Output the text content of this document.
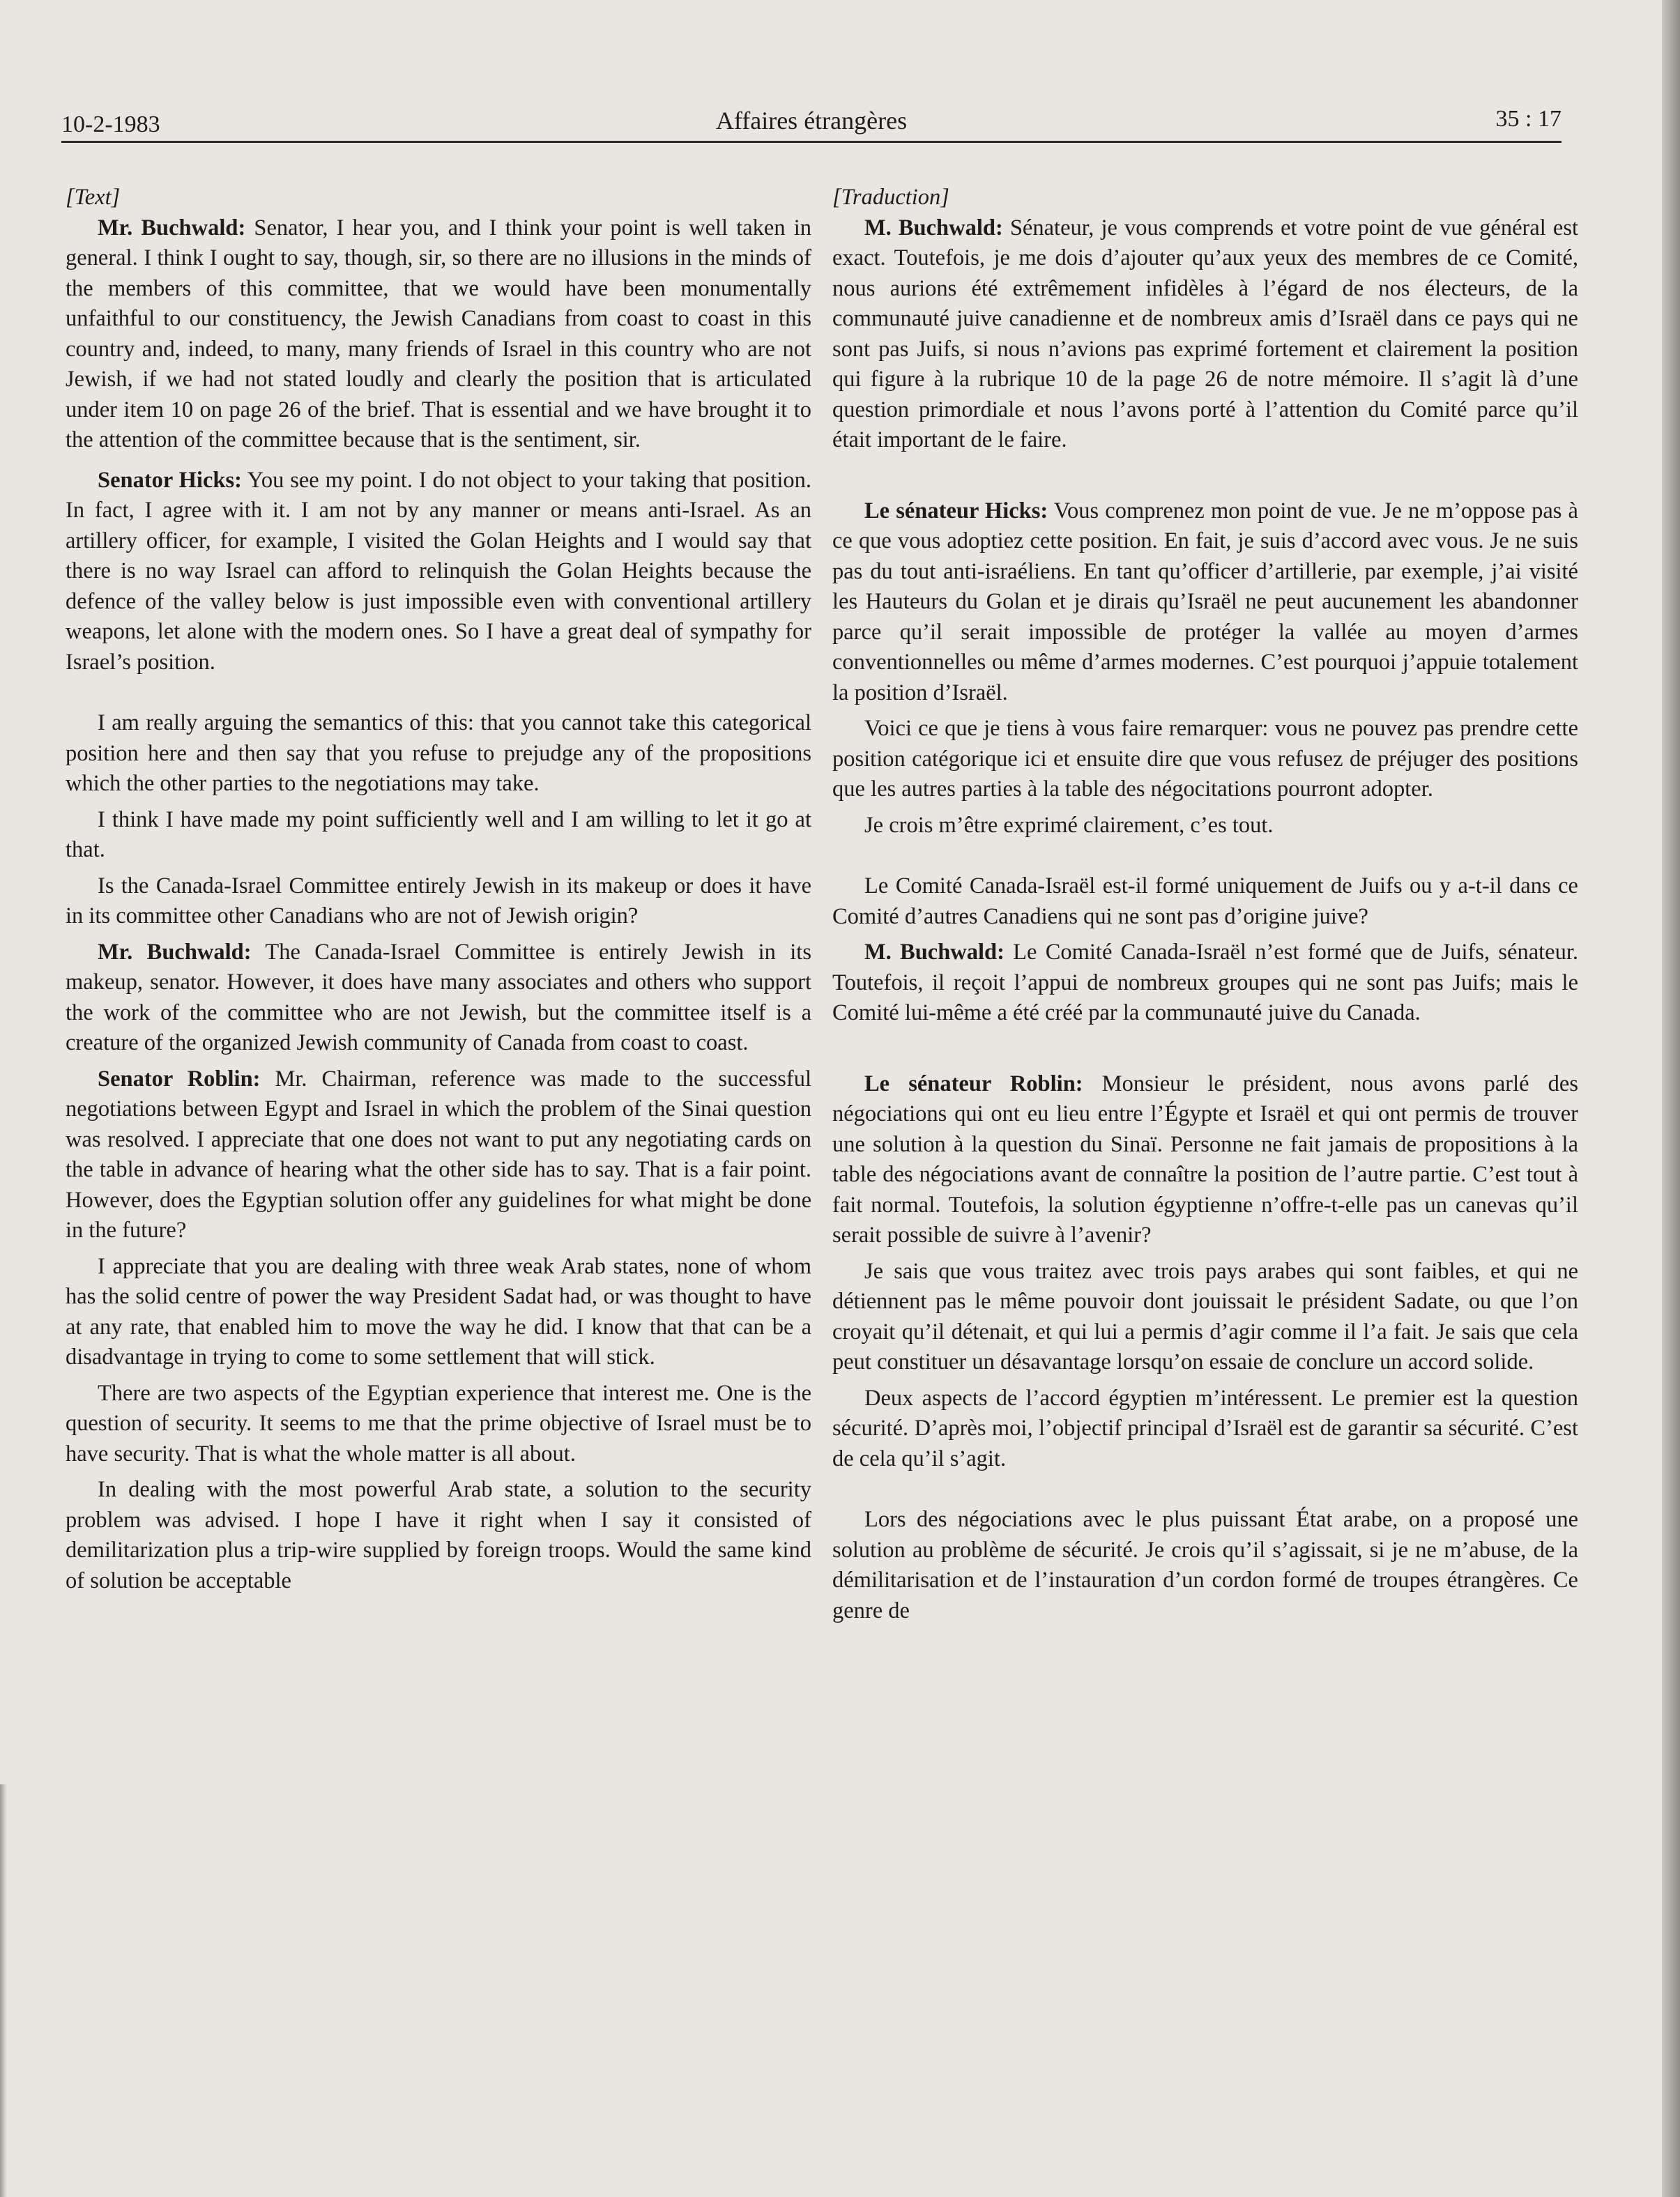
10-2-1983	Affaires étrangères	35 : 17

[Text]

Mr. Buchwald: Senator, I hear you, and I think your point is well taken in general. I think I ought to say, though, sir, so there are no illusions in the minds of the members of this committee, that we would have been monumentally unfaithful to our constituency, the Jewish Canadians from coast to coast in this country and, indeed, to many, many friends of Israel in this country who are not Jewish, if we had not stated loudly and clearly the position that is articulated under item 10 on page 26 of the brief. That is essential and we have brought it to the attention of the committee because that is the sentiment, sir.

Senator Hicks: You see my point. I do not object to your taking that position. In fact, I agree with it. I am not by any manner or means anti-Israel. As an artillery officer, for example, I visited the Golan Heights and I would say that there is no way Israel can afford to relinquish the Golan Heights because the defence of the valley below is just impossible even with conventional artillery weapons, let alone with the modern ones. So I have a great deal of sympathy for Israel’s position.

I am really arguing the semantics of this: that you cannot take this categorical position here and then say that you refuse to prejudge any of the propositions which the other parties to the negotiations may take.

I think I have made my point sufficiently well and I am willing to let it go at that.

Is the Canada-Israel Committee entirely Jewish in its makeup or does it have in its committee other Canadians who are not of Jewish origin?

Mr. Buchwald: The Canada-Israel Committee is entirely Jewish in its makeup, senator. However, it does have many associates and others who support the work of the committee who are not Jewish, but the committee itself is a creature of the organized Jewish community of Canada from coast to coast.

Senator Roblin: Mr. Chairman, reference was made to the successful negotiations between Egypt and Israel in which the problem of the Sinai question was resolved. I appreciate that one does not want to put any negotiating cards on the table in advance of hearing what the other side has to say. That is a fair point. However, does the Egyptian solution offer any guidelines for what might be done in the future?

I appreciate that you are dealing with three weak Arab states, none of whom has the solid centre of power the way President Sadat had, or was thought to have at any rate, that enabled him to move the way he did. I know that that can be a disadvantage in trying to come to some settlement that will stick.

There are two aspects of the Egyptian experience that interest me. One is the question of security. It seems to me that the prime objective of Israel must be to have security. That is what the whole matter is all about.

In dealing with the most powerful Arab state, a solution to the security problem was advised. I hope I have it right when I say it consisted of demilitarization plus a trip-wire supplied by foreign troops. Would the same kind of solution be acceptable

[Traduction]

M. Buchwald: Sénateur, je vous comprends et votre point de vue général est exact. Toutefois, je me dois d’ajouter qu’aux yeux des membres de ce Comité, nous aurions été extrêmement infidèles à l’égard de nos électeurs, de la communauté juive canadienne et de nombreux amis d’Israël dans ce pays qui ne sont pas Juifs, si nous n’avions pas exprimé fortement et clairement la position qui figure à la rubrique 10 de la page 26 de notre mémoire. Il s’agit là d’une question primordiale et nous l’avons porté à l’attention du Comité parce qu’il était important de le faire.

Le sénateur Hicks: Vous comprenez mon point de vue. Je ne m’oppose pas à ce que vous adoptiez cette position. En fait, je suis d’accord avec vous. Je ne suis pas du tout anti-israéliens. En tant qu’officer d’artillerie, par exemple, j’ai visité les Hauteurs du Golan et je dirais qu’Israël ne peut aucunement les abandonner parce qu’il serait impossible de protéger la vallée au moyen d’armes conventionnelles ou même d’armes modernes. C’est pourquoi j’appuie totalement la position d’Israël.

Voici ce que je tiens à vous faire remarquer: vous ne pouvez pas prendre cette position catégorique ici et ensuite dire que vous refusez de préjuger des positions que les autres parties à la table des négocitations pourront adopter.

Je crois m’être exprimé clairement, c’es tout.

Le Comité Canada-Israël est-il formé uniquement de Juifs ou y a-t-il dans ce Comité d’autres Canadiens qui ne sont pas d’origine juive?

M. Buchwald: Le Comité Canada-Israël n’est formé que de Juifs, sénateur. Toutefois, il reçoit l’appui de nombreux groupes qui ne sont pas Juifs; mais le Comité lui-même a été créé par la communauté juive du Canada.

Le sénateur Roblin: Monsieur le président, nous avons parlé des négociations qui ont eu lieu entre l’Égypte et Israël et qui ont permis de trouver une solution à la question du Sinaï. Personne ne fait jamais de propositions à la table des négociations avant de connaître la position de l’autre partie. C’est tout à fait normal. Toutefois, la solution égyptienne n’offre-t-elle pas un canevas qu’il serait possible de suivre à l’avenir?

Je sais que vous traitez avec trois pays arabes qui sont faibles, et qui ne détiennent pas le même pouvoir dont jouissait le président Sadate, ou que l’on croyait qu’il détenait, et qui lui a permis d’agir comme il l’a fait. Je sais que cela peut constituer un désavantage lorsqu’on essaie de conclure un accord solide.

Deux aspects de l’accord égyptien m’intéressent. Le premier est la question sécurité. D’après moi, l’objectif principal d’Israël est de garantir sa sécurité. C’est de cela qu’il s’agit.

Lors des négociations avec le plus puissant État arabe, on a proposé une solution au problème de sécurité. Je crois qu’il s’agissait, si je ne m’abuse, de la démilitarisation et de l’instauration d’un cordon formé de troupes étrangères. Ce genre de
